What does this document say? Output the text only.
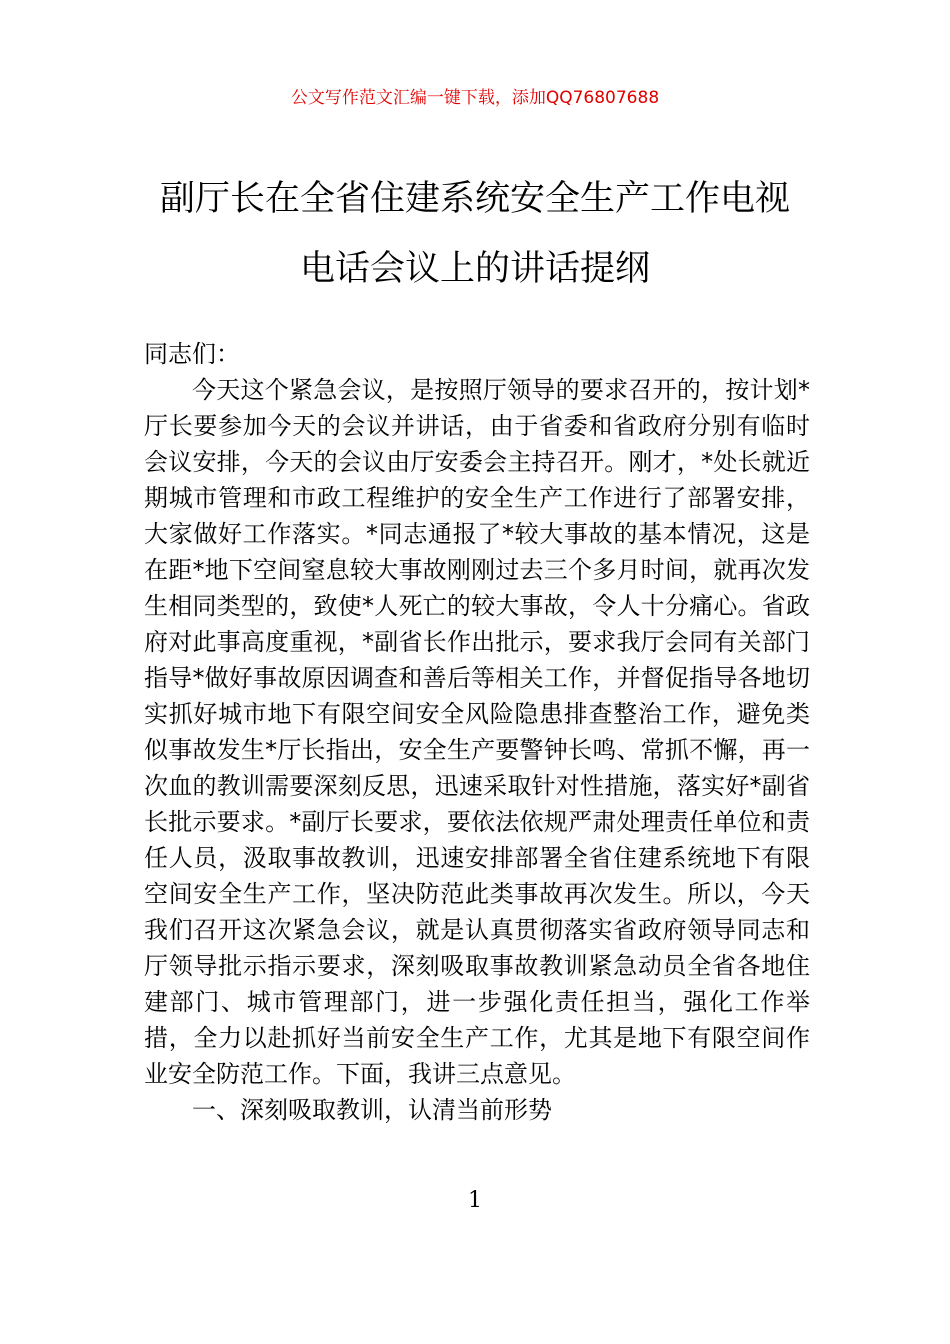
公文写作范文汇编一键下载，添加QQ76807688
副厅长在全省住建系统安全生产工作电视
电话会议上的讲话提纲

同志们：

今天这个紧急会议，是按照厅领导的要求召开的，按计划*厅长要参加今天的会议并讲话，由于省委和省政府分别有临时会议安排，今天的会议由厅安委会主持召开。刚才，*处长就近期城市管理和市政工程维护的安全生产工作进行了部署安排，大家做好工作落实。*同志通报了*较大事故的基本情况，这是在距*地下空间窒息较大事故刚刚过去三个多月时间，就再次发生相同类型的，致使*人死亡的较大事故，令人十分痛心。省政府对此事高度重视，*副省长作出批示，要求我厅会同有关部门指导*做好事故原因调查和善后等相关工作，并督促指导各地切实抓好城市地下有限空间安全风险隐患排查整治工作，避免类似事故发生*厅长指出，安全生产要警钟长鸣、常抓不懈，再一次血的教训需要深刻反思，迅速采取针对性措施，落实好*副省长批示要求。*副厅长要求，要依法依规严肃处理责任单位和责任人员，汲取事故教训，迅速安排部署全省住建系统地下有限空间安全生产工作，坚决防范此类事故再次发生。所以，今天我们召开这次紧急会议，就是认真贯彻落实省政府领导同志和厅领导批示指示要求，深刻吸取事故教训紧急动员全省各地住建部门、城市管理部门，进一步强化责任担当，强化工作举措，全力以赴抓好当前安全生产工作，尤其是地下有限空间作业安全防范工作。下面，我讲三点意见。

一、深刻吸取教训，认清当前形势

1
